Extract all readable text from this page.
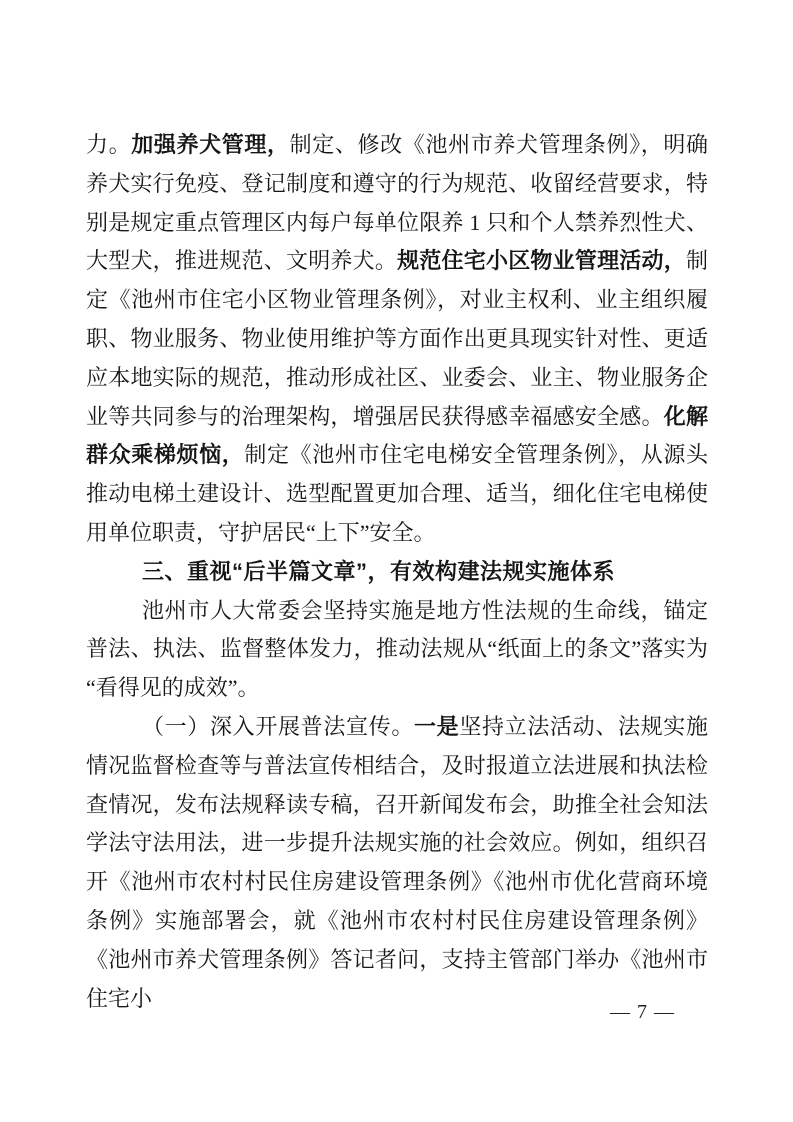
力。加强养犬管理，制定、修改《池州市养犬管理条例》，明确养犬实行免疫、登记制度和遵守的行为规范、收留经营要求，特别是规定重点管理区内每户每单位限养 1 只和个人禁养烈性犬、大型犬，推进规范、文明养犬。规范住宅小区物业管理活动，制定《池州市住宅小区物业管理条例》，对业主权利、业主组织履职、物业服务、物业使用维护等方面作出更具现实针对性、更适应本地实际的规范，推动形成社区、业委会、业主、物业服务企业等共同参与的治理架构，增强居民获得感幸福感安全感。化解群众乘梯烦恼，制定《池州市住宅电梯安全管理条例》，从源头推动电梯土建设计、选型配置更加合理、适当，细化住宅电梯使用单位职责，守护居民“上下”安全。

三、重视“后半篇文章”，有效构建法规实施体系

池州市人大常委会坚持实施是地方性法规的生命线，锚定普法、执法、监督整体发力，推动法规从“纸面上的条文”落实为“看得见的成效”。

（一）深入开展普法宣传。一是坚持立法活动、法规实施情况监督检查等与普法宣传相结合，及时报道立法进展和执法检查情况，发布法规释读专稿，召开新闻发布会，助推全社会知法学法守法用法，进一步提升法规实施的社会效应。例如，组织召开《池州市农村村民住房建设管理条例》《池州市优化营商环境条例》实施部署会，就《池州市农村村民住房建设管理条例》《池州市养犬管理条例》答记者问，支持主管部门举办《池州市住宅小

— 7 —
